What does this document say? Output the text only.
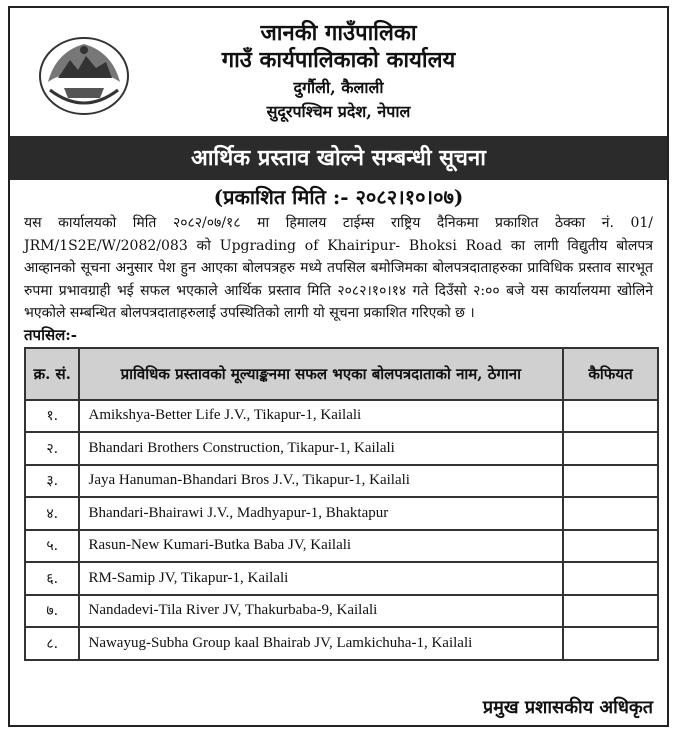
जानकी गाउँपालिका
गाउँ कार्यपालिकाको कार्यालय
दुर्गौली, कैलाली
सुदूरपश्चिम प्रदेश, नेपाल
आर्थिक प्रस्ताव खोल्ने सम्बन्धी सूचना
(प्रकाशित मिति :- २०८२।१०।०७)
यस कार्यालयको मिति २०८२/०७/१८ मा हिमालय टाईम्स राष्ट्रिय दैनिकमा प्रकाशित ठेक्का नं. 01/ JRM/1S2E/W/2082/083 को Upgrading of Khairipur- Bhoksi Road का लागी विद्युतीय बोलपत्र आव्हानको सूचना अनुसार पेश हुन आएका बोलपत्रहरु मध्ये तपसिल बमोजिमका बोलपत्रदाताहरुका प्राविधिक प्रस्ताव सारभूत रुपमा प्रभावग्राही भई सफल भएकाले आर्थिक प्रस्ताव मिति २०८२।१०।१४ गते दिउँसो २:०० बजे यस कार्यालयमा खोलिने भएकोले सम्बन्धित बोलपत्रदाताहरुलाई उपस्थितिको लागी यो सूचना प्रकाशित गरिएको छ ।
तपसिल:-
क्र. सं.	प्राविधिक प्रस्तावको मूल्याङ्कनमा सफल भएका बोलपत्रदाताको नाम, ठेगाना	कैफियत
१.	Amikshya-Better Life J.V., Tikapur-1, Kailali	
२.	Bhandari Brothers Construction, Tikapur-1, Kailali	
३.	Jaya Hanuman-Bhandari Bros J.V., Tikapur-1, Kailali	
४.	Bhandari-Bhairawi J.V., Madhyapur-1, Bhaktapur	
५.	Rasun-New Kumari-Butka Baba JV, Kailali	
६.	RM-Samip JV, Tikapur-1, Kailali	
७.	Nandadevi-Tila River JV, Thakurbaba-9, Kailali	
८.	Nawayug-Subha Group kaal Bhairab JV, Lamkichuha-1, Kailali	
प्रमुख प्रशासकीय अधिकृत
